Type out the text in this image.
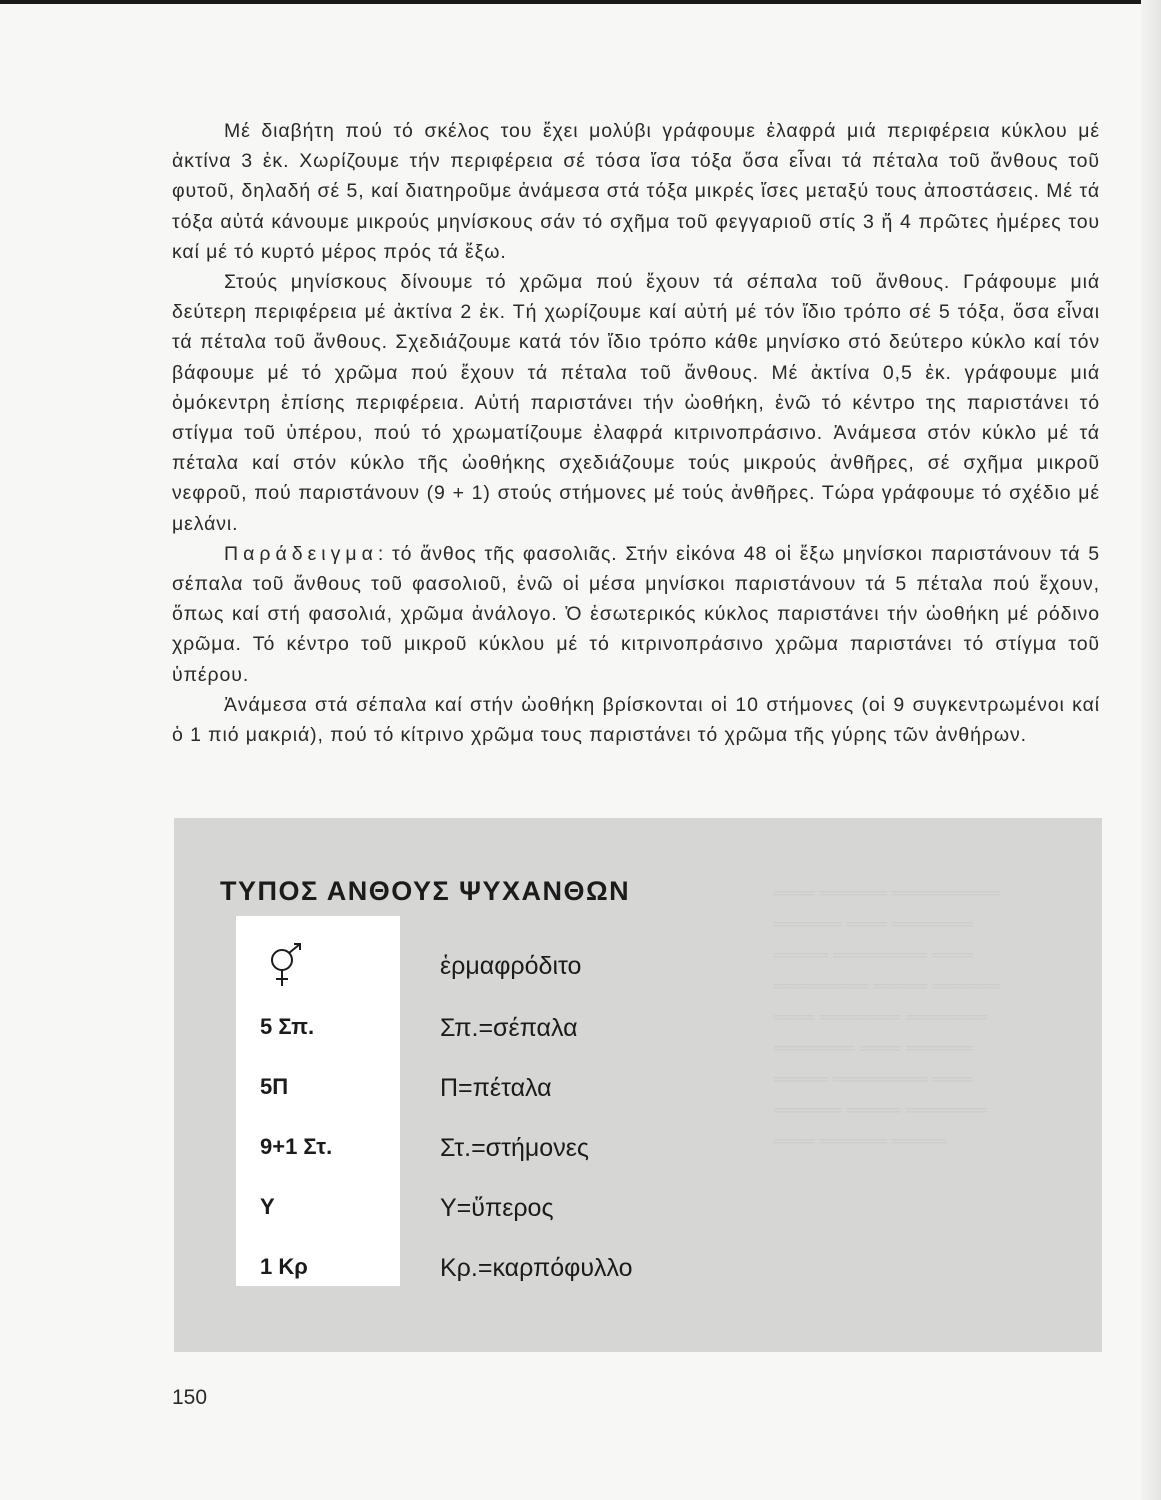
Μέ διαβήτη πού τό σκέλος του ἔχει μολύβι γράφουμε ἐλαφρά μιά περιφέρεια κύκλου μέ ἀκτίνα 3 ἐκ. Χωρίζουμε τήν περιφέρεια σέ τόσα ἴσα τόξα ὅσα εἶναι τά πέταλα τοῦ ἄνθους τοῦ φυτοῦ, δηλαδή σέ 5, καί διατηροῦμε ἀνάμεσα στά τόξα μικρές ἴσες μεταξύ τους ἀποστάσεις. Μέ τά τόξα αὐτά κάνουμε μικρούς μηνίσκους σάν τό σχῆμα τοῦ φεγγαριοῦ στίς 3 ἤ 4 πρῶτες ἡμέρες του καί μέ τό κυρτό μέρος πρός τά ἔξω.

Στούς μηνίσκους δίνουμε τό χρῶμα πού ἔχουν τά σέπαλα τοῦ ἄνθους. Γράφουμε μιά δεύτερη περιφέρεια μέ ἀκτίνα 2 ἐκ. Τή χωρίζουμε καί αὐτή μέ τόν ἴδιο τρόπο σέ 5 τόξα, ὅσα εἶναι τά πέταλα τοῦ ἄνθους. Σχεδιάζουμε κατά τόν ἴδιο τρόπο κάθε μηνίσκο στό δεύτερο κύκλο καί τόν βάφουμε μέ τό χρῶμα πού ἔχουν τά πέταλα τοῦ ἄνθους. Μέ ἀκτίνα 0,5 ἐκ. γράφουμε μιά ὁμόκεντρη ἐπίσης περιφέρεια. Αὐτή παριστάνει τήν ὠοθήκη, ἐνῶ τό κέντρο της παριστάνει τό στίγμα τοῦ ὑπέρου, πού τό χρωματίζουμε ἐλαφρά κιτρινοπράσινο. Ἀνάμεσα στόν κύκλο μέ τά πέταλα καί στόν κύκλο τῆς ὠοθήκης σχεδιάζουμε τούς μικρούς ἀνθῆρες, σέ σχῆμα μικροῦ νεφροῦ, πού παριστάνουν (9 + 1) στούς στήμονες μέ τούς ἀνθῆρες. Τώρα γράφουμε τό σχέδιο μέ μελάνι.

Παράδειγμα: τό ἄνθος τῆς φασολιᾶς. Στήν εἰκόνα 48 οἱ ἔξω μηνίσκοι παριστάνουν τά 5 σέπαλα τοῦ ἄνθους τοῦ φασολιοῦ, ἐνῶ οἱ μέσα μηνίσκοι παριστάνουν τά 5 πέταλα πού ἔχουν, ὅπως καί στή φασολιά, χρῶμα ἀνάλογο. Ὁ ἐσωτερικός κύκλος παριστάνει τήν ὠοθήκη μέ ρόδινο χρῶμα. Τό κέντρο τοῦ μικροῦ κύκλου μέ τό κιτρινοπράσινο χρῶμα παριστάνει τό στίγμα τοῦ ὑπέρου.

Ἀνάμεσα στά σέπαλα καί στήν ὠοθήκη βρίσκονται οἱ 10 στήμονες (οἱ 9 συγκεντρωμένοι καί ὁ 1 πιό μακριά), πού τό κίτρινο χρῶμα τους παριστάνει τό χρῶμα τῆς γύρης τῶν ἀνθήρων.

═══ ═════ ════════
═════ ═══ ══════
════ ═══════ ═══
═══════ ════ ═════
═══ ══════ ══════
══════ ═══ ═════
════ ═══════ ═══
═════ ════ ══════
═══ ═════ ════
ΤΥΠΟΣ ΑΝΘΟΥΣ ΨΥΧΑΝΘΩΝ
ἑρμαφρόδιτο
5 Σπ.	Σπ.=σέπαλα
5Π	Π=πέταλα
9+1 Στ.	Στ.=στήμονες
Υ	Υ=ὕπερος
1 Κρ	Κρ.=καρπόφυλλο
150
